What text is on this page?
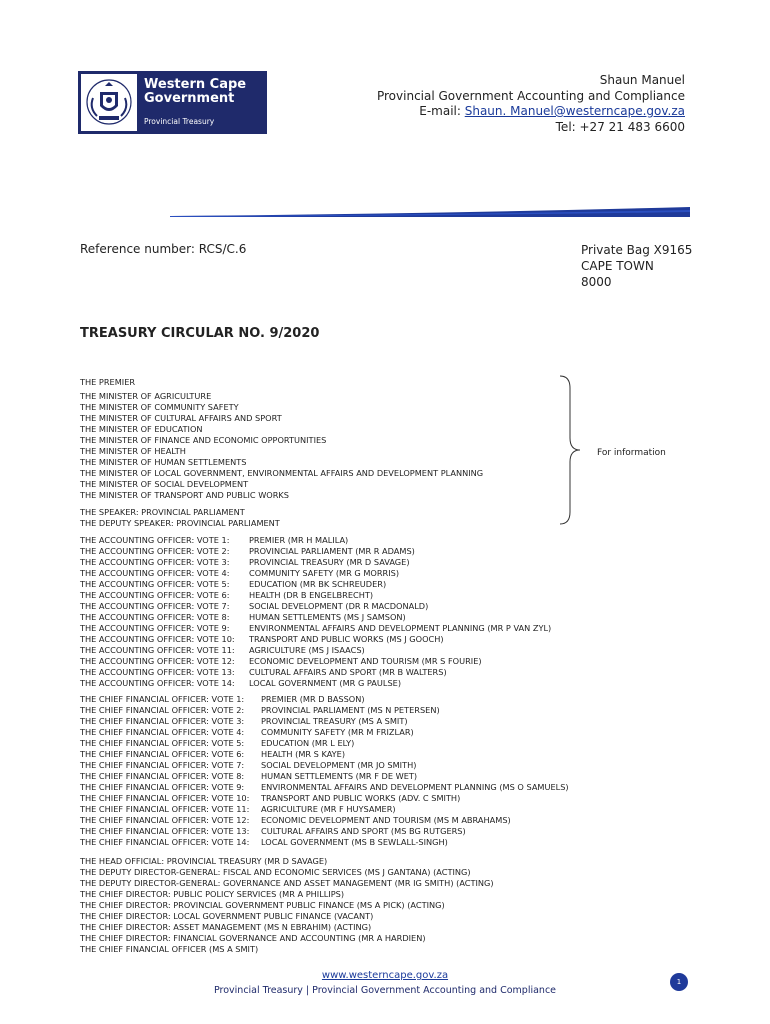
Western Cape
Government
Provincial Treasury
Shaun Manuel
Provincial Government Accounting and Compliance
E-mail: Shaun. Manuel@westerncape.gov.za
Tel: +27 21 483 6600
Reference number: RCS/C.6	Private Bag X9165
CAPE TOWN
8000
TREASURY CIRCULAR NO. 9/2020
THE PREMIER
THE MINISTER OF AGRICULTURE
THE MINISTER OF COMMUNITY SAFETY
THE MINISTER OF CULTURAL AFFAIRS AND SPORT
THE MINISTER OF EDUCATION
THE MINISTER OF FINANCE AND ECONOMIC OPPORTUNITIES
THE MINISTER OF HEALTH
THE MINISTER OF HUMAN SETTLEMENTS
THE MINISTER OF LOCAL GOVERNMENT, ENVIRONMENTAL AFFAIRS AND DEVELOPMENT PLANNING
THE MINISTER OF SOCIAL DEVELOPMENT
THE MINISTER OF TRANSPORT AND PUBLIC WORKS
THE SPEAKER: PROVINCIAL PARLIAMENT
THE DEPUTY SPEAKER: PROVINCIAL PARLIAMENT
For information
THE ACCOUNTING OFFICER: VOTE 1: PREMIER (MR H MALILA)
THE ACCOUNTING OFFICER: VOTE 2: PROVINCIAL PARLIAMENT (MR R ADAMS)
THE ACCOUNTING OFFICER: VOTE 3: PROVINCIAL TREASURY (MR D SAVAGE)
THE ACCOUNTING OFFICER: VOTE 4: COMMUNITY SAFETY (MR G MORRIS)
THE ACCOUNTING OFFICER: VOTE 5: EDUCATION (MR BK SCHREUDER)
THE ACCOUNTING OFFICER: VOTE 6: HEALTH (DR B ENGELBRECHT)
THE ACCOUNTING OFFICER: VOTE 7: SOCIAL DEVELOPMENT (DR R MACDONALD)
THE ACCOUNTING OFFICER: VOTE 8: HUMAN SETTLEMENTS (MS J SAMSON)
THE ACCOUNTING OFFICER: VOTE 9: ENVIRONMENTAL AFFAIRS AND DEVELOPMENT PLANNING (MR P VAN ZYL)
THE ACCOUNTING OFFICER: VOTE 10: TRANSPORT AND PUBLIC WORKS (MS J GOOCH)
THE ACCOUNTING OFFICER: VOTE 11: AGRICULTURE (MS J ISAACS)
THE ACCOUNTING OFFICER: VOTE 12: ECONOMIC DEVELOPMENT AND TOURISM (MR S FOURIE)
THE ACCOUNTING OFFICER: VOTE 13: CULTURAL AFFAIRS AND SPORT (MR B WALTERS)
THE ACCOUNTING OFFICER: VOTE 14: LOCAL GOVERNMENT (MR G PAULSE)
THE CHIEF FINANCIAL OFFICER: VOTE 1: PREMIER (MR D BASSON)
THE CHIEF FINANCIAL OFFICER: VOTE 2: PROVINCIAL PARLIAMENT (MS N PETERSEN)
THE CHIEF FINANCIAL OFFICER: VOTE 3: PROVINCIAL TREASURY (MS A SMIT)
THE CHIEF FINANCIAL OFFICER: VOTE 4: COMMUNITY SAFETY (MR M FRIZLAR)
THE CHIEF FINANCIAL OFFICER: VOTE 5: EDUCATION (MR L ELY)
THE CHIEF FINANCIAL OFFICER: VOTE 6: HEALTH (MR S KAYE)
THE CHIEF FINANCIAL OFFICER: VOTE 7: SOCIAL DEVELOPMENT (MR JO SMITH)
THE CHIEF FINANCIAL OFFICER: VOTE 8: HUMAN SETTLEMENTS (MR F DE WET)
THE CHIEF FINANCIAL OFFICER: VOTE 9: ENVIRONMENTAL AFFAIRS AND DEVELOPMENT PLANNING (MS O SAMUELS)
THE CHIEF FINANCIAL OFFICER: VOTE 10: TRANSPORT AND PUBLIC WORKS (ADV. C SMITH)
THE CHIEF FINANCIAL OFFICER: VOTE 11: AGRICULTURE (MR F HUYSAMER)
THE CHIEF FINANCIAL OFFICER: VOTE 12: ECONOMIC DEVELOPMENT AND TOURISM (MS M ABRAHAMS)
THE CHIEF FINANCIAL OFFICER: VOTE 13: CULTURAL AFFAIRS AND SPORT (MS BG RUTGERS)
THE CHIEF FINANCIAL OFFICER: VOTE 14: LOCAL GOVERNMENT (MS B SEWLALL-SINGH)
THE HEAD OFFICIAL: PROVINCIAL TREASURY (MR D SAVAGE)
THE DEPUTY DIRECTOR-GENERAL: FISCAL AND ECONOMIC SERVICES (MS J GANTANA) (ACTING)
THE DEPUTY DIRECTOR-GENERAL: GOVERNANCE AND ASSET MANAGEMENT (MR IG SMITH) (ACTING)
THE CHIEF DIRECTOR: PUBLIC POLICY SERVICES (MR A PHILLIPS)
THE CHIEF DIRECTOR: PROVINCIAL GOVERNMENT PUBLIC FINANCE (MS A PICK) (ACTING)
THE CHIEF DIRECTOR: LOCAL GOVERNMENT PUBLIC FINANCE (VACANT)
THE CHIEF DIRECTOR: ASSET MANAGEMENT (MS N EBRAHIM) (ACTING)
THE CHIEF DIRECTOR: FINANCIAL GOVERNANCE AND ACCOUNTING (MR A HARDIEN)
THE CHIEF FINANCIAL OFFICER (MS A SMIT)
www.westerncape.gov.za
Provincial Treasury | Provincial Government Accounting and Compliance
1
